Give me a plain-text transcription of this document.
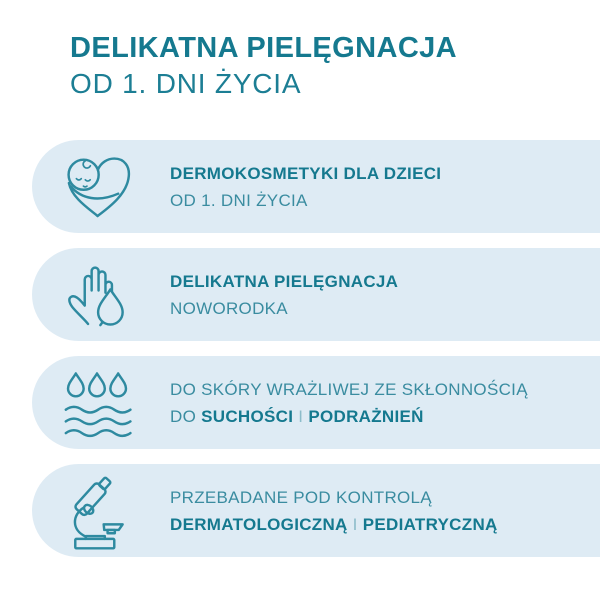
DELIKATNA PIELĘGNACJA
OD 1. DNI ŻYCIA

DERMOKOSMETYKI DLA DZIECI

OD 1. DNI ŻYCIA

DELIKATNA PIELĘGNACJA

NOWORODKA

DO SKÓRY WRAŻLIWEJ ZE SKŁONNOŚCIĄ

DO SUCHOŚCI I PODRAŻNIEŃ

PRZEBADANE POD KONTROLĄ

DERMATOLOGICZNĄ I PEDIATRYCZNĄ
